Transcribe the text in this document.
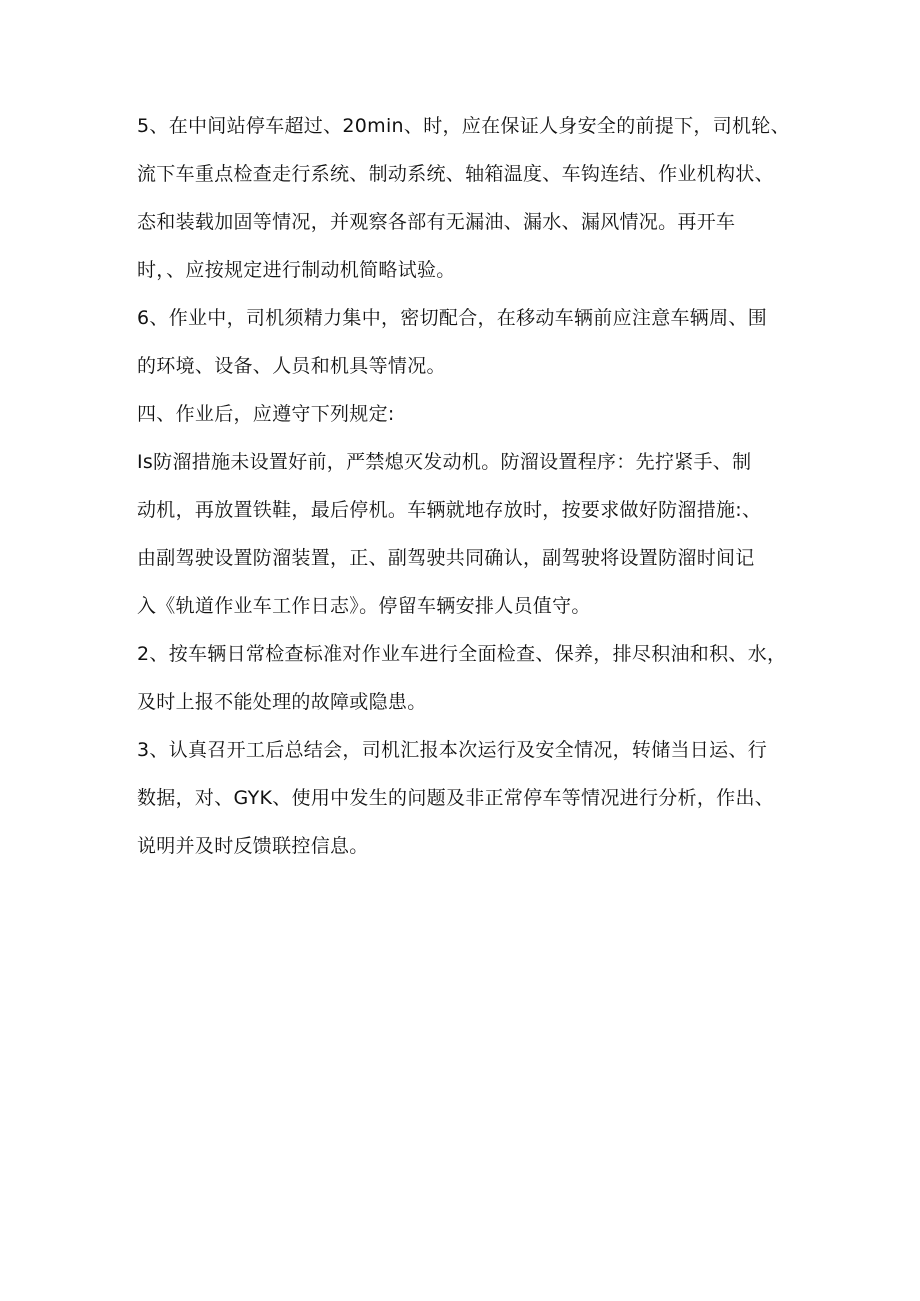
5、在中间站停车超过、20min、时，应在保证人身安全的前提下，司机轮、
流下车重点检查走行系统、制动系统、轴箱温度、车钩连结、作业机构状、
态和装载加固等情况，并观察各部有无漏油、漏水、漏风情况。再开车
时，、应按规定进行制动机简略试验。
6、作业中，司机须精力集中，密切配合，在移动车辆前应注意车辆周、围
的环境、设备、人员和机具等情况。
四、作业后，应遵守下列规定:
Is防溜措施未设置好前，严禁熄灭发动机。防溜设置程序：先拧紧手、制
动机，再放置铁鞋，最后停机。车辆就地存放时，按要求做好防溜措施:、
由副驾驶设置防溜装置，正、副驾驶共同确认，副驾驶将设置防溜时间记
入《轨道作业车工作日志》。停留车辆安排人员值守。
2、按车辆日常检查标准对作业车进行全面检查、保养，排尽积油和积、水，
及时上报不能处理的故障或隐患。
3、认真召开工后总结会，司机汇报本次运行及安全情况，转储当日运、行
数据，对、GYK、使用中发生的问题及非正常停车等情况进行分析，作出、
说明并及时反馈联控信息。
